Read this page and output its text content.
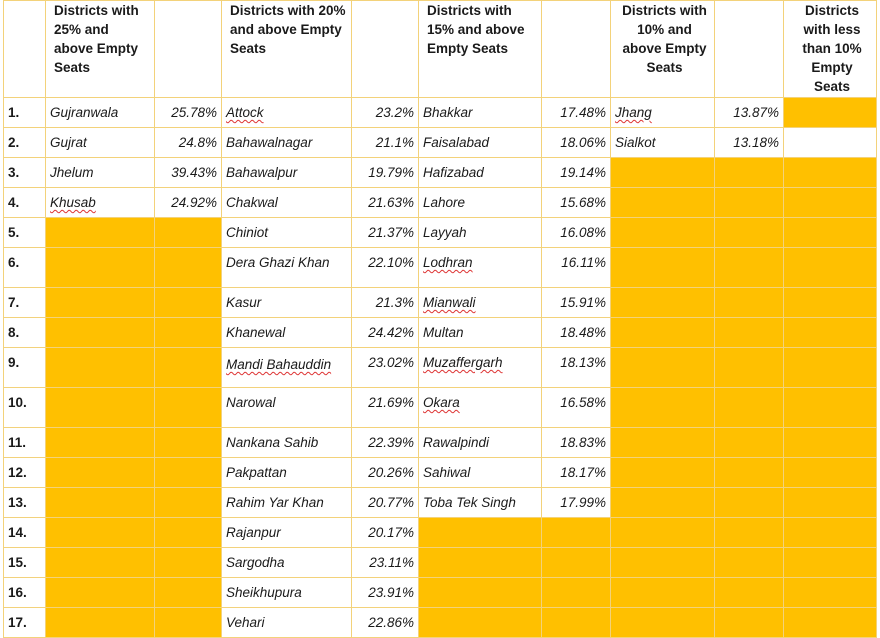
	Districts with 25% and above Empty Seats		Districts with 20% and above Empty Seats		Districts with 15% and above Empty Seats		Districts with 10% and above Empty Seats		Districts with less than 10% Empty Seats
1.	Gujranwala	25.78%	Attock	23.2%	Bhakkar	17.48%	Jhang	13.87%	
2.	Gujrat	24.8%	Bahawalnagar	21.1%	Faisalabad	18.06%	Sialkot	13.18%	
3.	Jhelum	39.43%	Bahawalpur	19.79%	Hafizabad	19.14%			
4.	Khusab	24.92%	Chakwal	21.63%	Lahore	15.68%			
5.			Chiniot	21.37%	Layyah	16.08%			
6.			Dera Ghazi Khan	22.10%	Lodhran	16.11%			
7.			Kasur	21.3%	Mianwali	15.91%			
8.			Khanewal	24.42%	Multan	18.48%			
9.			Mandi Bahauddin	23.02%	Muzaffergarh	18.13%			
10.			Narowal	21.69%	Okara	16.58%			
11.			Nankana Sahib	22.39%	Rawalpindi	18.83%			
12.			Pakpattan	20.26%	Sahiwal	18.17%			
13.			Rahim Yar Khan	20.77%	Toba Tek Singh	17.99%			
14.			Rajanpur	20.17%					
15.			Sargodha	23.11%					
16.			Sheikhupura	23.91%					
17.			Vehari	22.86%					
